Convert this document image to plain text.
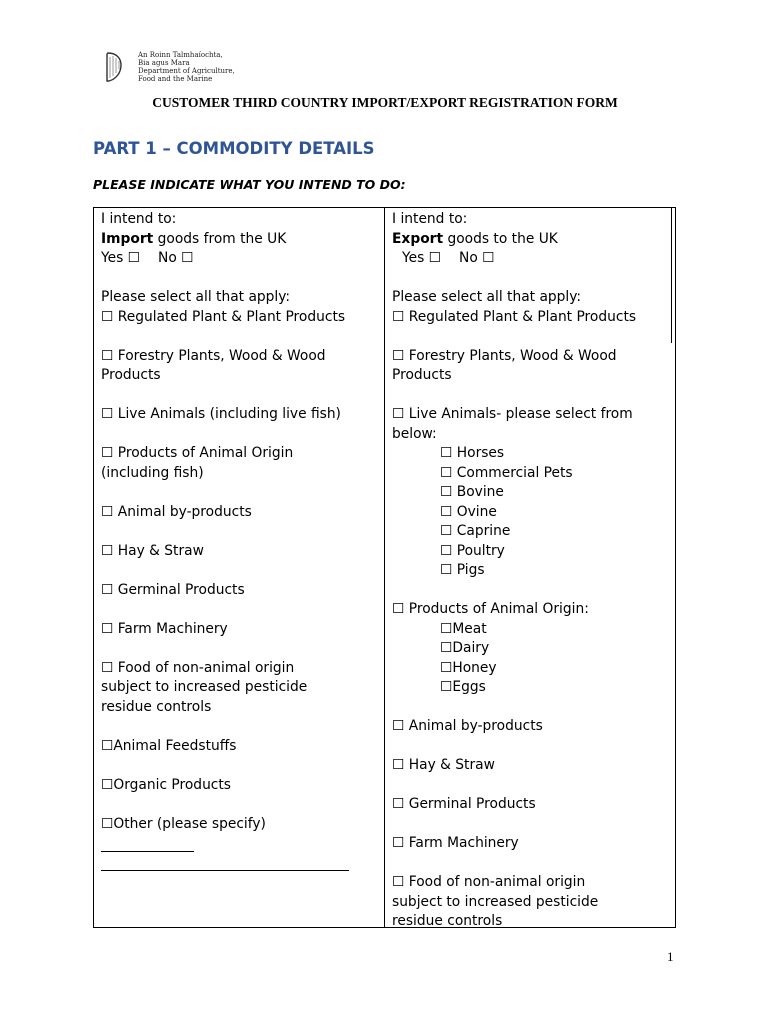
An Roinn Talmhaíochta,
Bia agus Mara
Department of Agriculture,
Food and the Marine
CUSTOMER THIRD COUNTRY IMPORT/EXPORT REGISTRATION FORM
PART 1 – COMMODITY DETAILS

PLEASE INDICATE WHAT YOU INTEND TO DO:

I intend to:
Import goods from the UK
Yes ☐ No ☐
Please select all that apply:
☐ Regulated Plant & Plant Products
☐ Forestry Plants, Wood & Wood
Products
☐ Live Animals (including live fish)
☐ Products of Animal Origin
(including fish)
☐ Animal by-products
☐ Hay & Straw
☐ Germinal Products
☐ Farm Machinery
☐ Food of non-animal origin
subject to increased pesticide
residue controls
☐Animal Feedstuffs
☐Organic Products
☐Other (please specify)
I intend to:
Export goods to the UK
Yes ☐ No ☐
Please select all that apply:
☐ Regulated Plant & Plant Products
☐ Forestry Plants, Wood & Wood
Products
☐ Live Animals- please select from
below:
☐ Horses
☐ Commercial Pets
☐ Bovine
☐ Ovine
☐ Caprine
☐ Poultry
☐ Pigs
☐ Products of Animal Origin:
☐Meat
☐Dairy
☐Honey
☐Eggs
☐ Animal by-products
☐ Hay & Straw
☐ Germinal Products
☐ Farm Machinery
☐ Food of non-animal origin
subject to increased pesticide
residue controls
1
